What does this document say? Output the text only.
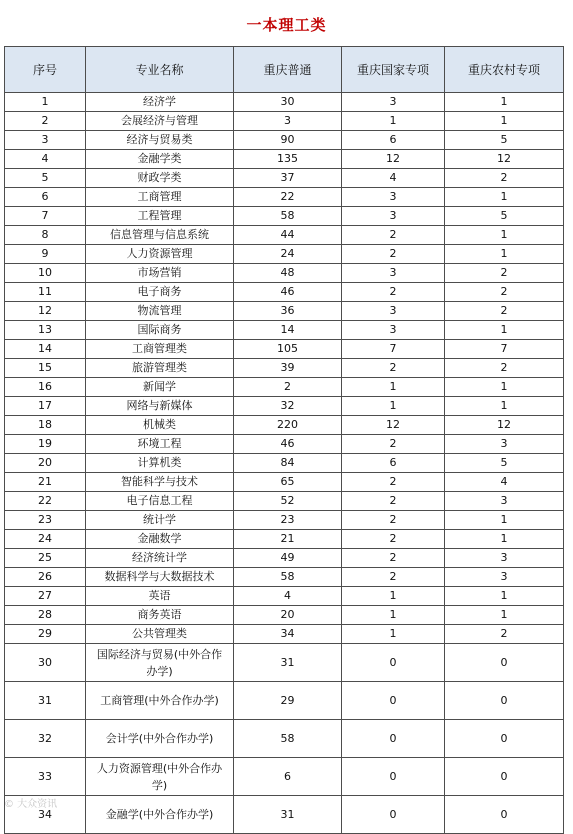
一本理工类
序号	专业名称	重庆普通	重庆国家专项	重庆农村专项
1	经济学	30	3	1
2	会展经济与管理	3	1	1
3	经济与贸易类	90	6	5
4	金融学类	135	12	12
5	财政学类	37	4	2
6	工商管理	22	3	1
7	工程管理	58	3	5
8	信息管理与信息系统	44	2	1
9	人力资源管理	24	2	1
10	市场营销	48	3	2
11	电子商务	46	2	2
12	物流管理	36	3	2
13	国际商务	14	3	1
14	工商管理类	105	7	7
15	旅游管理类	39	2	2
16	新闻学	2	1	1
17	网络与新媒体	32	1	1
18	机械类	220	12	12
19	环境工程	46	2	3
20	计算机类	84	6	5
21	智能科学与技术	65	2	4
22	电子信息工程	52	2	3
23	统计学	23	2	1
24	金融数学	21	2	1
25	经济统计学	49	2	3
26	数据科学与大数据技术	58	2	3
27	英语	4	1	1
28	商务英语	20	1	1
29	公共管理类	34	1	2
30	国际经济与贸易(中外合作办学)	31	0	0
31	工商管理(中外合作办学)	29	0	0
32	会计学(中外合作办学)	58	0	0
33	人力资源管理(中外合作办学)	6	0	0
34	金融学(中外合作办学)	31	0	0
© 大众资讯
